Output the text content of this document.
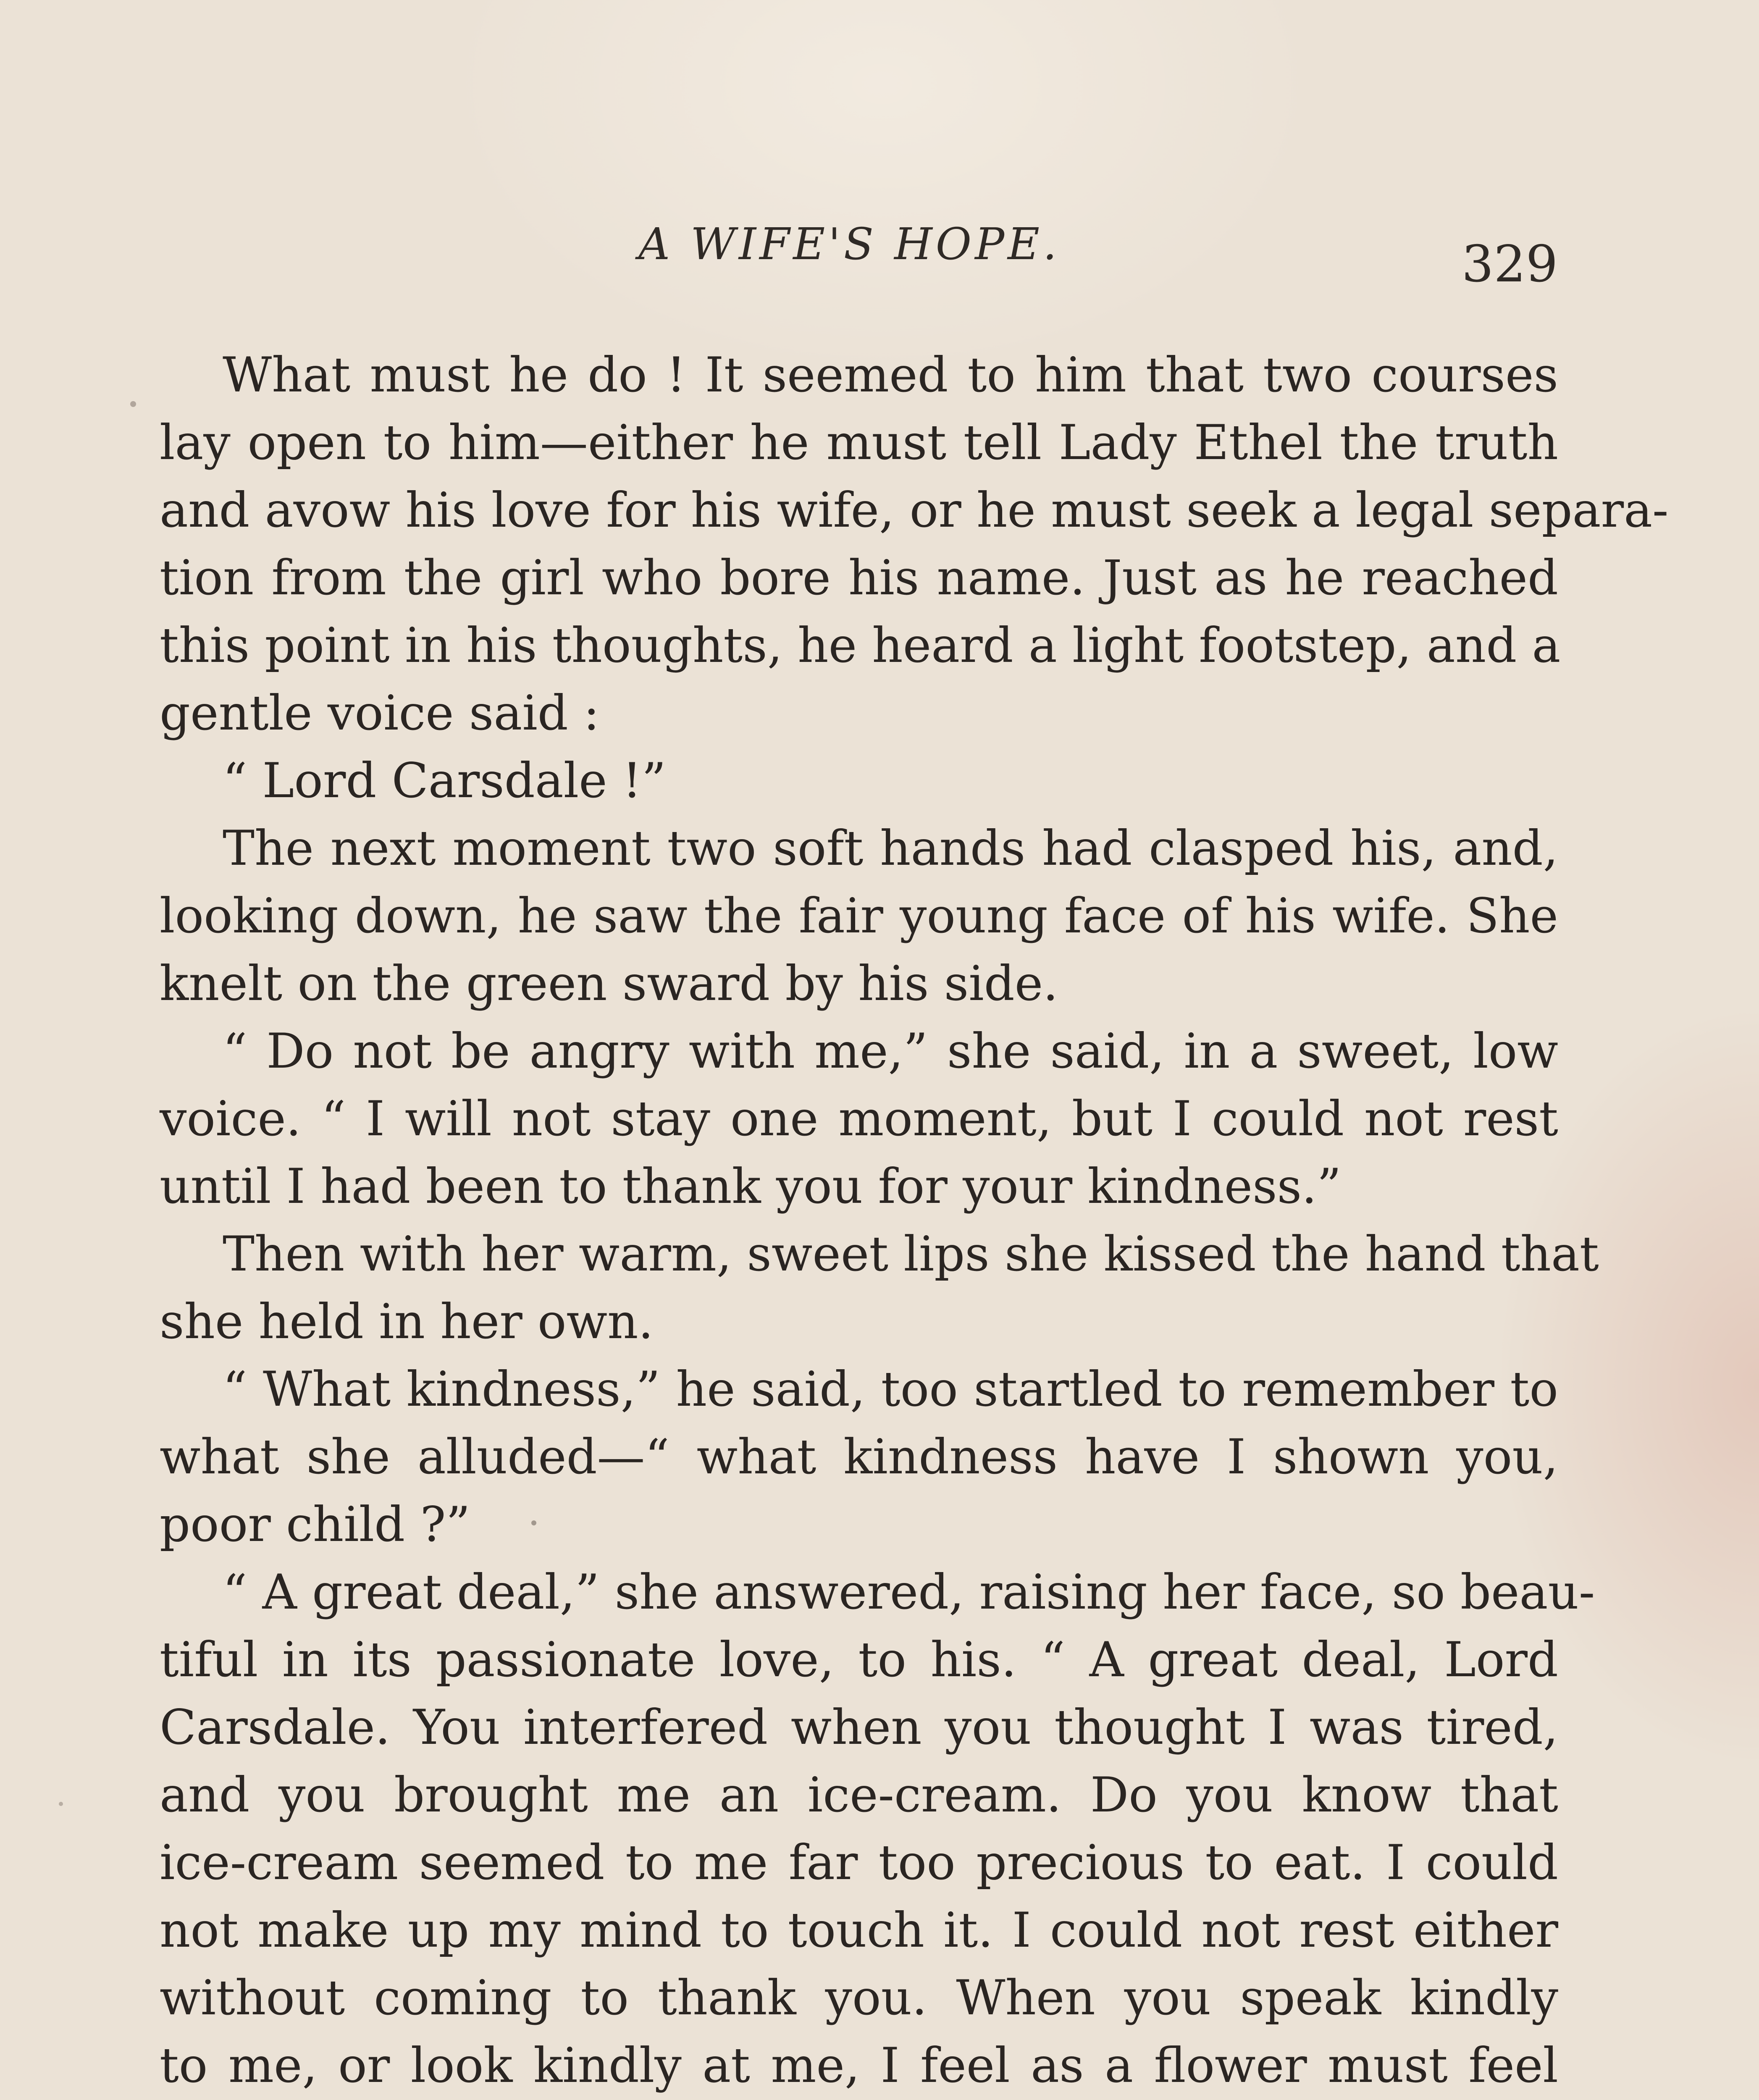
A WIFE'S HOPE.	329
What must he do ! It seemed to him that two courses
lay open to him—either he must tell Lady Ethel the truth
and avow his love for his wife, or he must seek a legal separa-
tion from the girl who bore his name. Just as he reached
this point in his thoughts, he heard a light footstep, and a
gentle voice said :
“ Lord Carsdale !”
The next moment two soft hands had clasped his, and,
looking down, he saw the fair young face of his wife. She
knelt on the green sward by his side.
“ Do not be angry with me,” she said, in a sweet, low
voice. “ I will not stay one moment, but I could not rest
until I had been to thank you for your kindness.”
Then with her warm, sweet lips she kissed the hand that
she held in her own.
“ What kindness,” he said, too startled to remember to
what she alluded—“ what kindness have I shown you,
poor child ?”
“ A great deal,” she answered, raising her face, so beau-
tiful in its passionate love, to his. “ A great deal, Lord
Carsdale. You interfered when you thought I was tired,
and you brought me an ice-cream. Do you know that
ice-cream seemed to me far too precious to eat. I could
not make up my mind to touch it. I could not rest either
without coming to thank you. When you speak kindly
to me, or look kindly at me, I feel as a flower must feel
